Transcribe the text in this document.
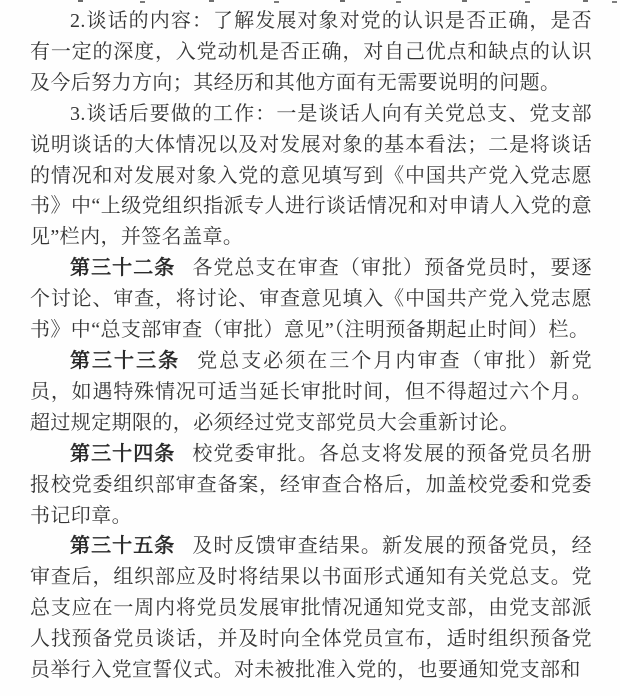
2.谈话的内容：了解发展对象对党的认识是否正确，是否有一定的深度，入党动机是否正确，对自己优点和缺点的认识及今后努力方向；其经历和其他方面有无需要说明的问题。

3.谈话后要做的工作：一是谈话人向有关党总支、党支部说明谈话的大体情况以及对发展对象的基本看法；二是将谈话的情况和对发展对象入党的意见填写到《中国共产党入党志愿书》中“上级党组织指派专人进行谈话情况和对申请人入党的意见”栏内，并签名盖章。

第三十二条 各党总支在审查（审批）预备党员时，要逐个讨论、审查，将讨论、审查意见填入《中国共产党入党志愿书》中“总支部审查（审批）意见”（注明预备期起止时间）栏。

第三十三条 党总支必须在三个月内审查（审批）新党员，如遇特殊情况可适当延长审批时间，但不得超过六个月。超过规定期限的，必须经过党支部党员大会重新讨论。

第三十四条 校党委审批。各总支将发展的预备党员名册报校党委组织部审查备案，经审查合格后，加盖校党委和党委书记印章。

第三十五条 及时反馈审查结果。新发展的预备党员，经审查后，组织部应及时将结果以书面形式通知有关党总支。党总支应在一周内将党员发展审批情况通知党支部，由党支部派人找预备党员谈话，并及时向全体党员宣布，适时组织预备党员举行入党宣誓仪式。对未被批准入党的，也要通知党支部和
